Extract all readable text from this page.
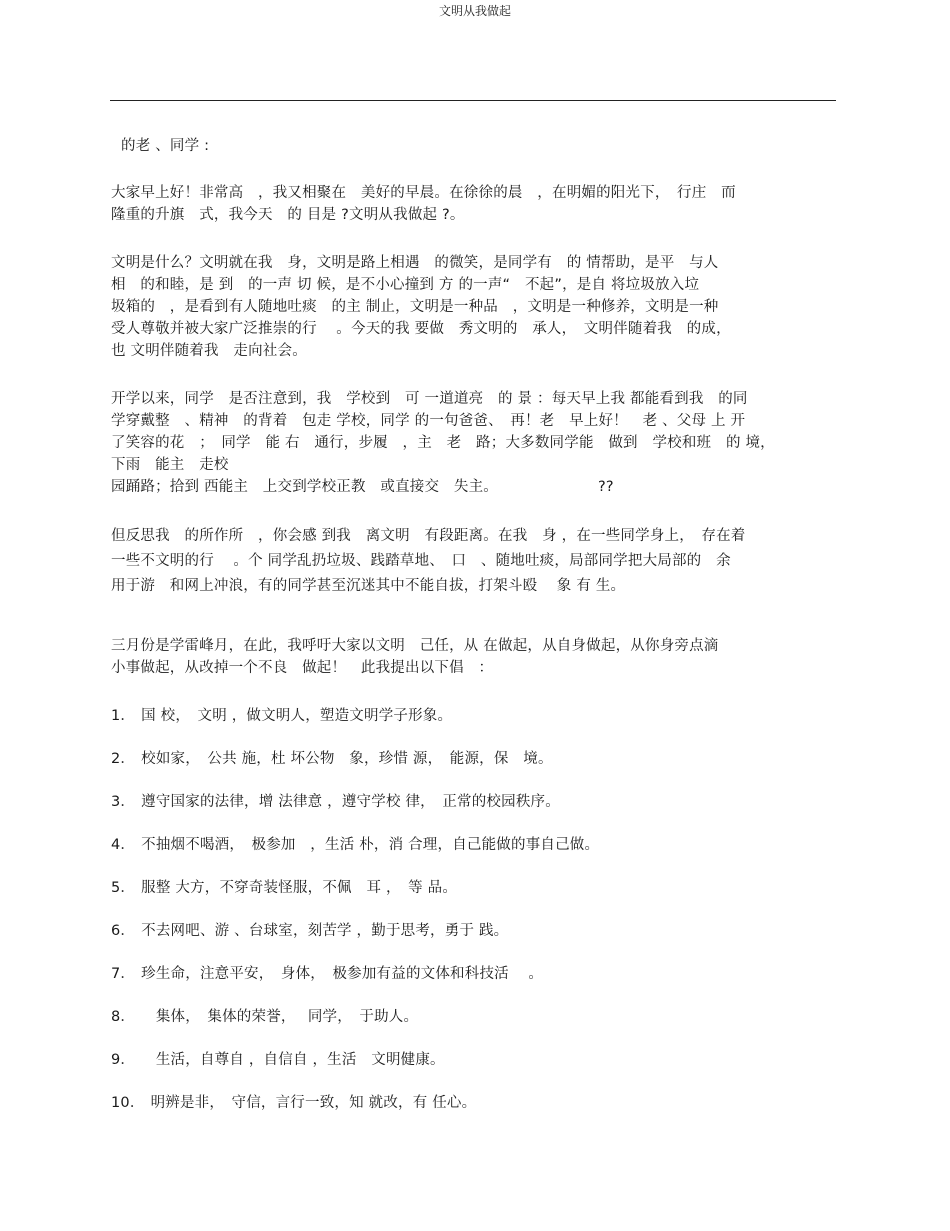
文明从我做起
的老 、同学 :
大家早上好！非常高　，我又相聚在　美好的早晨。在徐徐的晨　，在明媚的阳光下，　行庄　而
隆重的升旗　式，我今天　的 目是 ?文明从我做起 ?。
文明是什么？文明就在我　身，文明是路上相遇　的微笑，是同学有　的 情帮助，是平　与人
相　的和睦，是 到　的一声 切 候，是不小心撞到 方 的一声“　不起”，是自 将垃圾放入垃
圾箱的　，是看到有人随地吐痰　的主 制止，文明是一种品　，文明是一种修养，文明是一种
受人尊敬并被大家广泛推崇的行　 。今天的我 要做　秀文明的　承人，　文明伴随着我　的成，
也 文明伴随着我　走向社会。
开学以来，同学　是否注意到，我　学校到　可 一道道亮　的 景 ：每天早上我 都能看到我　的同
学穿戴整　、精神　的背着　包走 学校，同学 的一句爸爸、　再！老　早上好！　老 、父母 上 开
了笑容的花　；　同学　能 右　通行，步履　，主　老　路；大多数同学能　做到　学校和班　的 境，
下雨　能主　走校
园踊路；拾到 西能主　上交到学校正教　或直接交　失主。	??
但反思我　的所作所　，你会感 到我　离文明　有段距离。在我　身 ，在一些同学身上，　存在着
一些不文明的行　 。个 同学乱扔垃圾、践踏草地、　口　、随地吐痰，局部同学把大局部的　余
用于游　和网上冲浪，有的同学甚至沉迷其中不能自拔，打架斗殴　 象 有 生。
三月份是学雷峰月，在此，我呼吁大家以文明　己任，从 在做起，从自身做起，从你身旁点滴
小事做起，从改掉一个不良　做起！　此我提出以下倡　：
1． 国 校，　文明 ，做文明人，塑造文明学子形象。
2． 校如家，　公共 施，杜 坏公物　象，珍惜 源，　能源，保　境。
3． 遵守国家的法律，增 法律意 ，遵守学校 律，　正常的校园秩序。
4． 不抽烟不喝酒，　极参加　，生活 朴，消 合理，自己能做的事自己做。
5． 服整 大方，不穿奇装怪服，不佩　耳 ，　等 品。
6． 不去网吧、游 、台球室，刻苦学 ，勤于思考，勇于 践。
7． 珍生命，注意平安，　身体，　极参加有益的文体和科技活　 。
8．　集体，　集体的荣誉，　 同学，　于助人。
9．　生活，自尊自 ，自信自 ，生活　文明健康。
10． 明辨是非，　守信，言行一致，知 就改，有 任心。
